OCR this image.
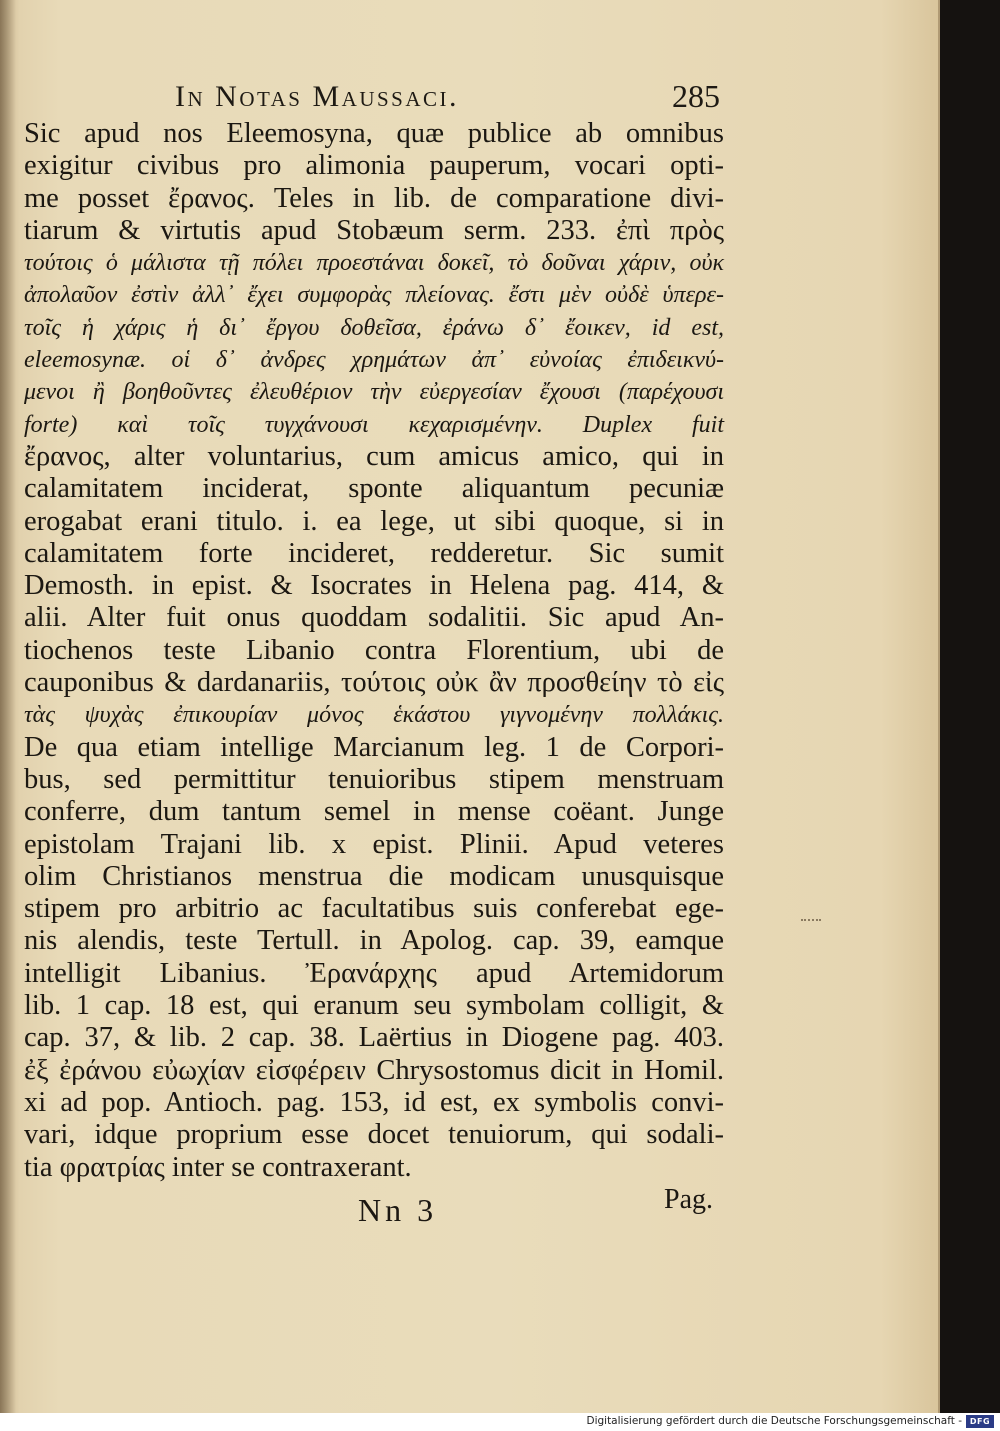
In Notas Maussaci.	285
Sic apud nos Eleemosyna, quæ publice ab omnibus
exigitur civibus pro alimonia pauperum, vocari opti-
me posset ἔρανος. Teles in lib. de comparatione divi-
tiarum & virtutis apud Stobæum serm. 233. ἐπὶ πρὸς
τούτοις ὁ μάλιστα τῇ πόλει προεστάναι δοκεῖ, τὸ δοῦναι χάριν, οὐκ
ἀπολαῦον ἐστὶν ἀλλ᾽ ἔχει συμφορὰς πλείονας. ἔστι μὲν οὐδὲ ὑπερε-
τοῖς ἡ χάρις ἡ δι᾽ ἔργου δοθεῖσα, ἐράνω δ᾽ ἔοικεν, id est,
eleemosynæ. οἱ δ᾽ ἀνδρες χρημάτων ἀπ᾽ εὐνοίας ἐπιδεικνύ-
μενοι ἢ βοηθοῦντες ἐλευθέριον τὴν εὐεργεσίαν ἔχουσι (παρέχουσι
forte) καὶ τοῖς τυγχάνουσι κεχαρισμένην. Duplex fuit
ἔρανος, alter voluntarius, cum amicus amico, qui in
calamitatem inciderat, sponte aliquantum pecuniæ
erogabat erani titulo. i. ea lege, ut sibi quoque, si in
calamitatem forte incideret, redderetur. Sic sumit
Demosth. in epist. & Isocrates in Helena pag. 414, &
alii. Alter fuit onus quoddam sodalitii. Sic apud An-
tiochenos teste Libanio contra Florentium, ubi de
cauponibus & dardanariis, τούτοις οὐκ ἂν προσθείην τὸ εἰς
τὰς ψυχὰς ἐπικουρίαν μόνος ἑκάστου γιγνομένην πολλάκις.
De qua etiam intellige Marcianum leg. 1 de Corpori-
bus, sed permittitur tenuioribus stipem menstruam
conferre, dum tantum semel in mense coëant. Junge
epistolam Trajani lib. x epist. Plinii. Apud veteres
olim Christianos menstrua die modicam unusquisque
stipem pro arbitrio ac facultatibus suis conferebat ege-
nis alendis, teste Tertull. in Apolog. cap. 39, eamque
intelligit Libanius. Ἐρανάρχης apud Artemidorum
lib. 1 cap. 18 est, qui eranum seu symbolam colligit, &
cap. 37, & lib. 2 cap. 38. Laërtius in Diogene pag. 403.
ἐξ ἐράνου εὐωχίαν εἰσφέρειν Chrysostomus dicit in Homil.
xi ad pop. Antioch. pag. 153, id est, ex symbolis convi-
vari, idque proprium esse docet tenuiorum, qui sodali-
tia φρατρίας inter se contraxerant.
Nn 3	Pag.
Digitalisierung gefördert durch die Deutsche Forschungsgemeinschaft - DFG
